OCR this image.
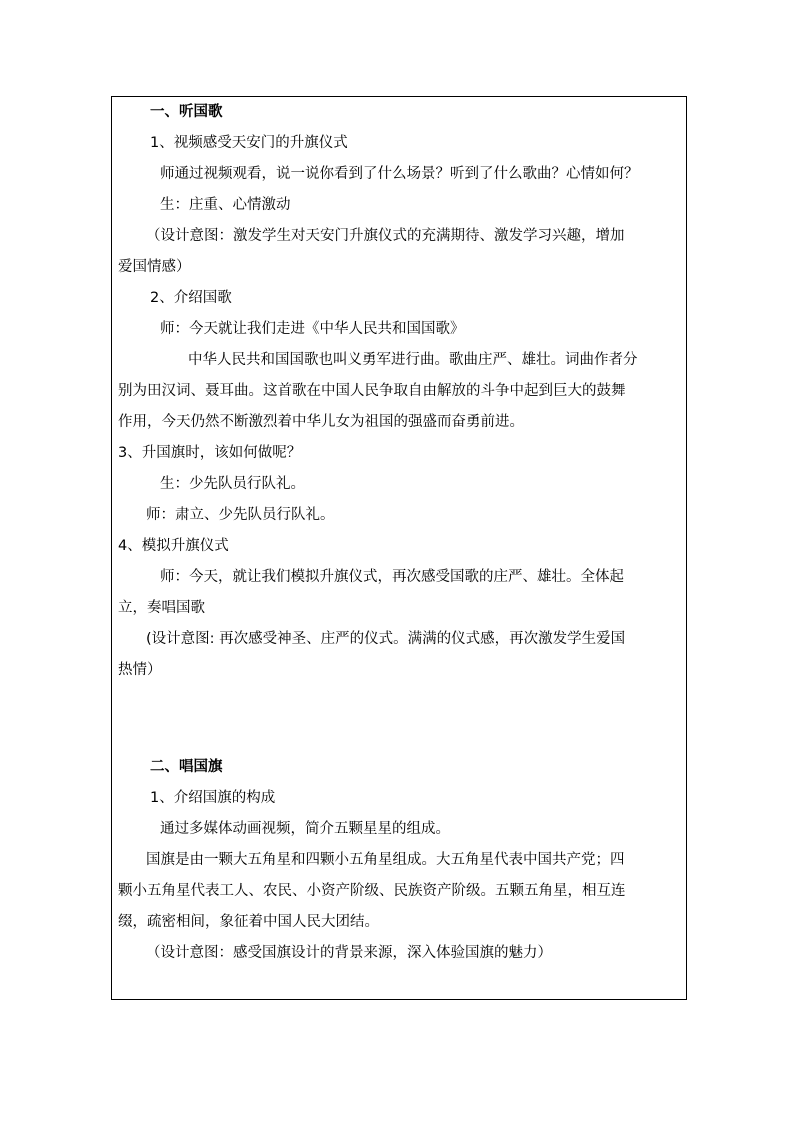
一、听国歌
1、视频感受天安门的升旗仪式
师通过视频观看，说一说你看到了什么场景？听到了什么歌曲？心情如何？
生：庄重、心情激动
（设计意图：激发学生对天安门升旗仪式的充满期待、激发学习兴趣，增加
爱国情感）
2、介绍国歌
师：今天就让我们走进《中华人民共和国国歌》
中华人民共和国国歌也叫义勇军进行曲。歌曲庄严、雄壮。词曲作者分
别为田汉词、聂耳曲。这首歌在中国人民争取自由解放的斗争中起到巨大的鼓舞
作用，今天仍然不断激烈着中华儿女为祖国的强盛而奋勇前进。
3、升国旗时，该如何做呢？
生：少先队员行队礼。
师：肃立、少先队员行队礼。
4、模拟升旗仪式
师：今天，就让我们模拟升旗仪式，再次感受国歌的庄严、雄壮。全体起
立，奏唱国歌
(设计意图: 再次感受神圣、庄严的仪式。满满的仪式感，再次激发学生爱国
热情）
二、唱国旗
1、介绍国旗的构成
通过多媒体动画视频，简介五颗星星的组成。
国旗是由一颗大五角星和四颗小五角星组成。大五角星代表中国共产党；四
颗小五角星代表工人、农民、小资产阶级、民族资产阶级。五颗五角星，相互连
缀，疏密相间，象征着中国人民大团结。
（设计意图：感受国旗设计的背景来源，深入体验国旗的魅力）
